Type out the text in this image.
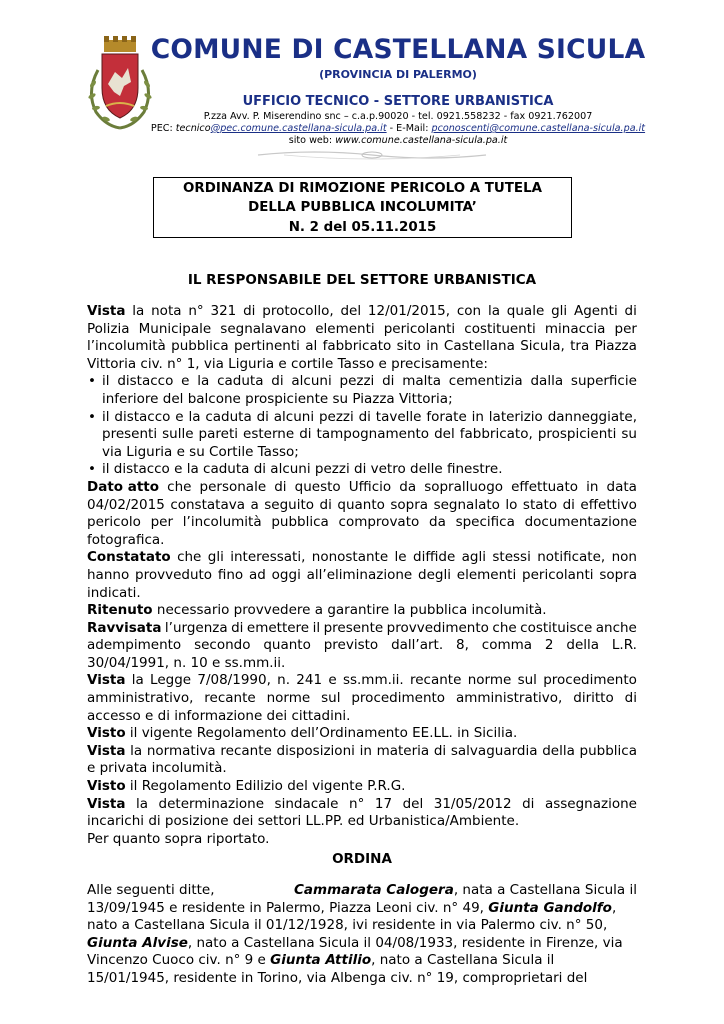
COMUNE DI CASTELLANA SICULA
(PROVINCIA DI PALERMO)
UFFICIO TECNICO - SETTORE URBANISTICA
P.zza Avv. P. Miserendino snc – c.a.p.90020 - tel. 0921.558232 - fax 0921.762007
PEC: tecnico@pec.comune.castellana-sicula.pa.it - E-Mail: pconoscenti@comune.castellana-sicula.pa.it
sito web: www.comune.castellana-sicula.pa.it
ORDINANZA DI RIMOZIONE PERICOLO A TUTELA
DELLA PUBBLICA INCOLUMITA’
N. 2 del 05.11.2015
IL RESPONSABILE DEL SETTORE URBANISTICA
Vista la nota n° 321 di protocollo, del 12/01/2015, con la quale gli Agenti di
Polizia Municipale segnalavano elementi pericolanti costituenti minaccia per
l’incolumità pubblica pertinenti al fabbricato sito in Castellana Sicula, tra Piazza
Vittoria civ. n° 1, via Liguria e cortile Tasso e precisamente:
• il distacco e la caduta di alcuni pezzi di malta cementizia dalla superficie
inferiore del balcone prospiciente su Piazza Vittoria;
• il distacco e la caduta di alcuni pezzi di tavelle forate in laterizio danneggiate,
presenti sulle pareti esterne di tampognamento del fabbricato, prospicienti su
via Liguria e su Cortile Tasso;
• il distacco e la caduta di alcuni pezzi di vetro delle finestre.
Dato atto che personale di questo Ufficio da sopralluogo effettuato in data
04/02/2015 constatava a seguito di quanto sopra segnalato lo stato di effettivo
pericolo per l’incolumità pubblica comprovato da specifica documentazione
fotografica.
Constatato che gli interessati, nonostante le diffide agli stessi notificate, non
hanno provveduto fino ad oggi all’eliminazione degli elementi pericolanti sopra
indicati.
Ritenuto necessario provvedere a garantire la pubblica incolumità.
Ravvisata l’urgenza di emettere il presente provvedimento che costituisce anche
adempimento secondo quanto previsto dall’art. 8, comma 2 della L.R.
30/04/1991, n. 10 e ss.mm.ii.
Vista la Legge 7/08/1990, n. 241 e ss.mm.ii. recante norme sul procedimento
amministrativo, recante norme sul procedimento amministrativo, diritto di
accesso e di informazione dei cittadini.
Visto il vigente Regolamento dell’Ordinamento EE.LL. in Sicilia.
Vista la normativa recante disposizioni in materia di salvaguardia della pubblica
e privata incolumità.
Visto il Regolamento Edilizio del vigente P.R.G.
Vista la determinazione sindacale n° 17 del 31/05/2012 di assegnazione
incarichi di posizione dei settori LL.PP. ed Urbanistica/Ambiente.
Per quanto sopra riportato.
ORDINA
Alle seguenti ditte,	Cammarata Calogera, nata a Castellana Sicula il
13/09/1945 e residente in Palermo, Piazza Leoni civ. n° 49, Giunta Gandolfo,
nato a Castellana Sicula il 01/12/1928, ivi residente in via Palermo civ. n° 50,
Giunta Alvise, nato a Castellana Sicula il 04/08/1933, residente in Firenze, via
Vincenzo Cuoco civ. n° 9 e Giunta Attilio, nato a Castellana Sicula il
15/01/1945, residente in Torino, via Albenga civ. n° 19, comproprietari del
